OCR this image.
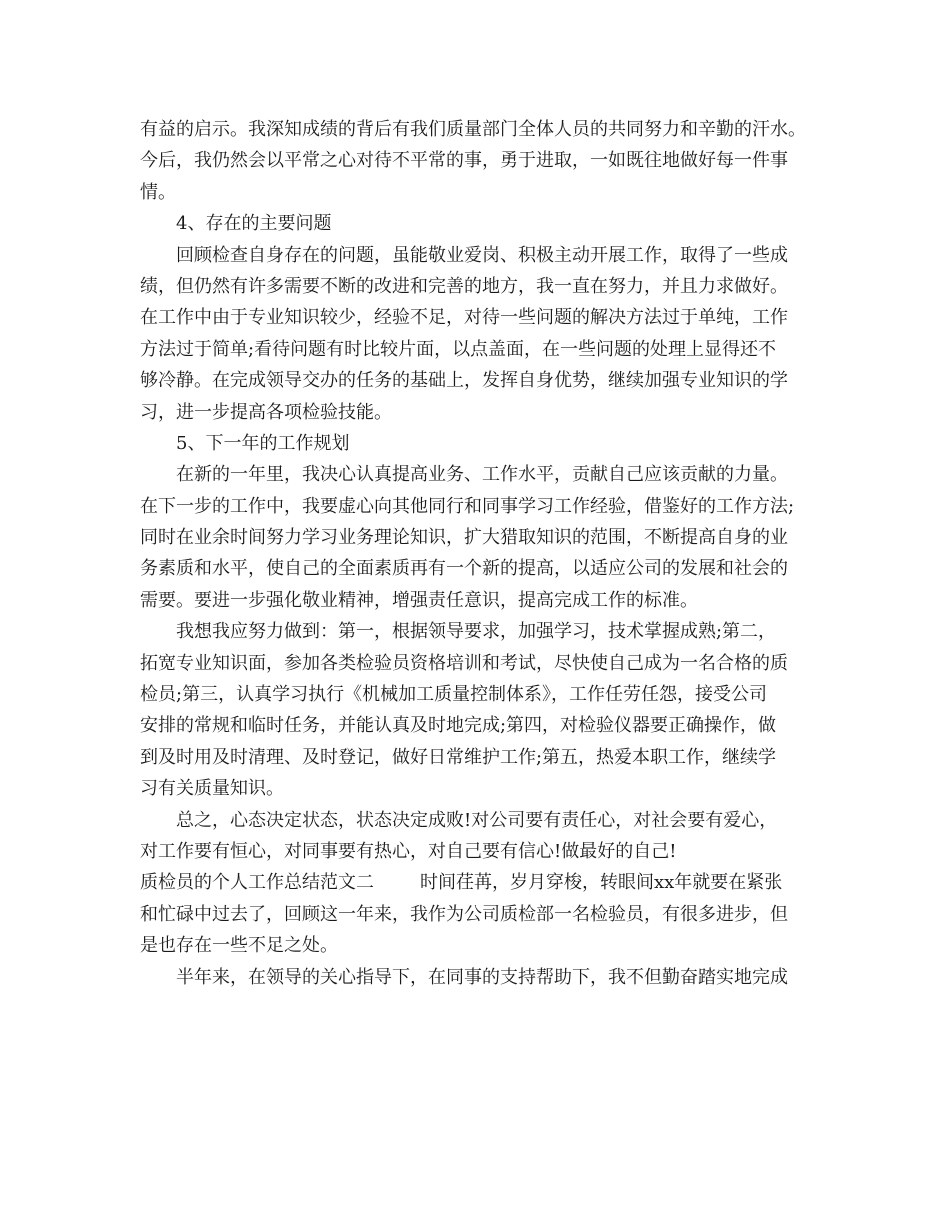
有益的启示。我深知成绩的背后有我们质量部门全体人员的共同努力和辛勤的汗水。
今后，我仍然会以平常之心对待不平常的事，勇于进取，一如既往地做好每一件事
情。
4、存在的主要问题
回顾检查自身存在的问题，虽能敬业爱岗、积极主动开展工作，取得了一些成
绩，但仍然有许多需要不断的改进和完善的地方，我一直在努力，并且力求做好。
在工作中由于专业知识较少，经验不足，对待一些问题的解决方法过于单纯，工作
方法过于简单;看待问题有时比较片面，以点盖面，在一些问题的处理上显得还不
够冷静。在完成领导交办的任务的基础上，发挥自身优势，继续加强专业知识的学
习，进一步提高各项检验技能。
5、下一年的工作规划
在新的一年里，我决心认真提高业务、工作水平，贡献自己应该贡献的力量。
在下一步的工作中，我要虚心向其他同行和同事学习工作经验，借鉴好的工作方法;
同时在业余时间努力学习业务理论知识，扩大猎取知识的范围，不断提高自身的业
务素质和水平，使自己的全面素质再有一个新的提高，以适应公司的发展和社会的
需要。要进一步强化敬业精神，增强责任意识，提高完成工作的标准。
我想我应努力做到：第一，根据领导要求，加强学习，技术掌握成熟;第二，
拓宽专业知识面，参加各类检验员资格培训和考试，尽快使自己成为一名合格的质
检员;第三，认真学习执行《机械加工质量控制体系》，工作任劳任怨，接受公司
安排的常规和临时任务，并能认真及时地完成;第四，对检验仪器要正确操作，做
到及时用及时清理、及时登记，做好日常维护工作;第五，热爱本职工作，继续学
习有关质量知识。
总之，心态决定状态，状态决定成败!对公司要有责任心，对社会要有爱心，
对工作要有恒心，对同事要有热心，对自己要有信心!做最好的自己!
质检员的个人工作总结范文二	时间荏苒，岁月穿梭，转眼间xx年就要在紧张
和忙碌中过去了，回顾这一年来，我作为公司质检部一名检验员，有很多进步，但
是也存在一些不足之处。
半年来，在领导的关心指导下，在同事的支持帮助下，我不但勤奋踏实地完成
